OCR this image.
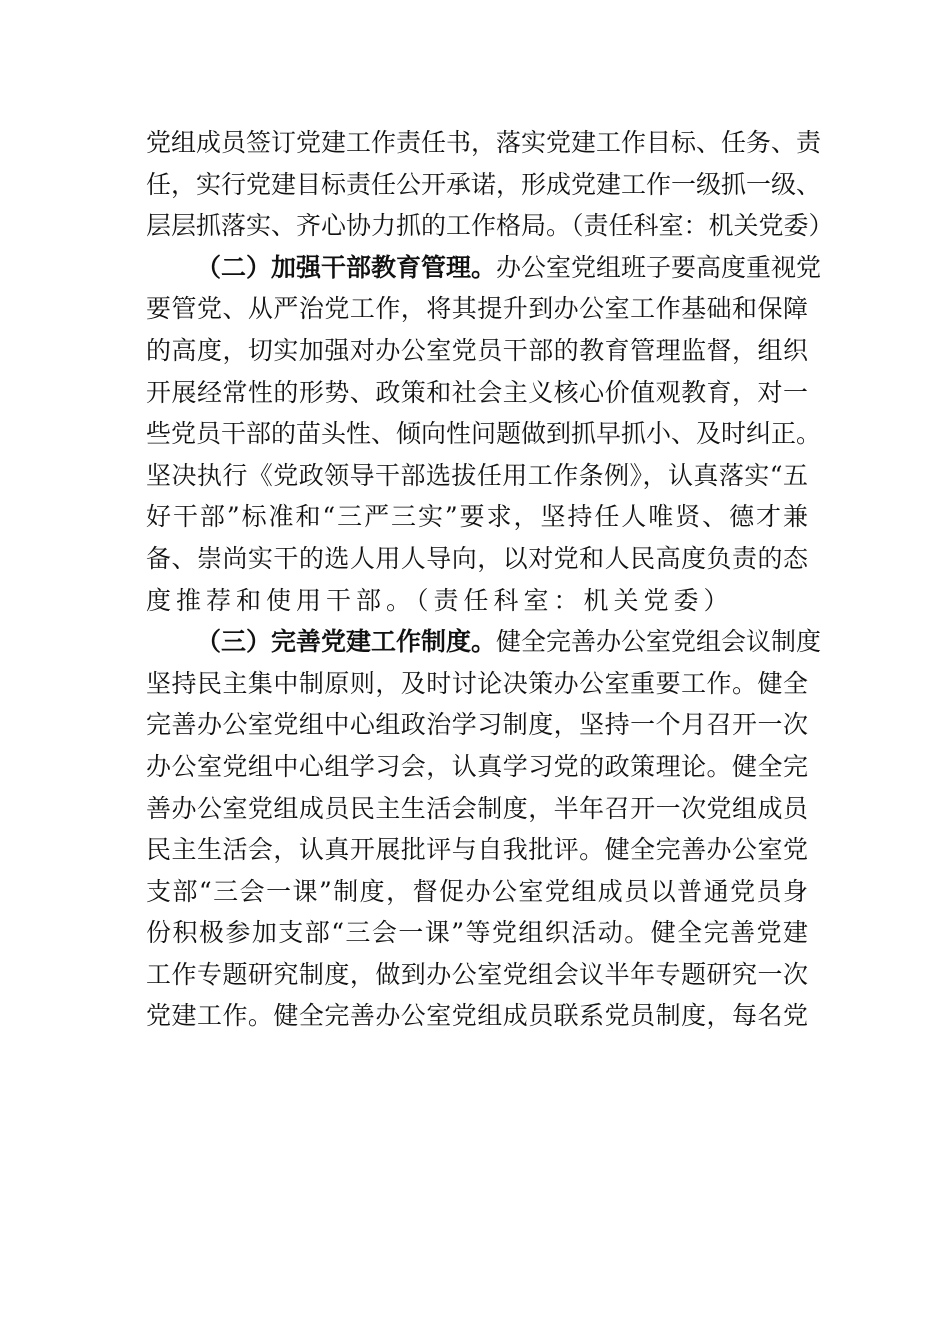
党组成员签订党建工作责任书，落实党建工作目标、任务、责
任，实行党建目标责任公开承诺，形成党建工作一级抓一级、
层层抓落实、齐心协力抓的工作格局。（责任科室：机关党委）
（二）加强干部教育管理。办公室党组班子要高度重视党
要管党、从严治党工作，将其提升到办公室工作基础和保障
的高度，切实加强对办公室党员干部的教育管理监督，组织
开展经常性的形势、政策和社会主义核心价值观教育，对一
些党员干部的苗头性、倾向性问题做到抓早抓小、及时纠正。
坚决执行《党政领导干部选拔任用工作条例》，认真落实“五
好干部”标准和“三严三实”要求，坚持任人唯贤、德才兼
备、崇尚实干的选人用人导向，以对党和人民高度负责的态
度推荐和使用干部。（责任科室：机关党委）
（三）完善党建工作制度。健全完善办公室党组会议制度
坚持民主集中制原则，及时讨论决策办公室重要工作。健全
完善办公室党组中心组政治学习制度，坚持一个月召开一次
办公室党组中心组学习会，认真学习党的政策理论。健全完
善办公室党组成员民主生活会制度，半年召开一次党组成员
民主生活会，认真开展批评与自我批评。健全完善办公室党
支部“三会一课”制度，督促办公室党组成员以普通党员身
份积极参加支部“三会一课”等党组织活动。健全完善党建
工作专题研究制度，做到办公室党组会议半年专题研究一次
党建工作。健全完善办公室党组成员联系党员制度，每名党
